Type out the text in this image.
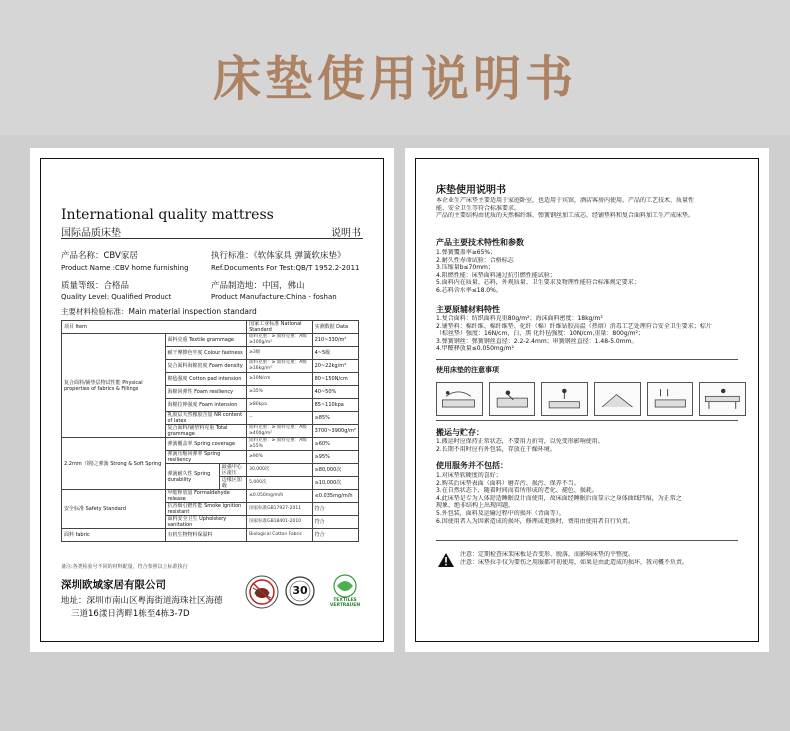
床垫使用说明书
International quality mattress
国际品质床垫	说明书
产品名称：CBV家居
Product Name :CBV home furnishing
执行标准：《软体家具 弹簧软床垫》
Ref.Documents For Test:QB/T 1952.2-2011
质量等级：合格品
Quality Level: Qualified Product
产品制造地：中国，佛山
Product Manufacture:China - foshan
主要材料检验标准：Main material inspection standard
项目 Item			国家工业标准 National Standard	实测数据 Data
复合面料/铺垫层物试性能 Physical properties of fabrics & Fillings	面料克重 Textile grammage		面料克重：≥ 面料克重：A级≥100g/m²	210~330/m²
	耐干摩擦色牢度 Colour fastness		≥3级	4~5级
	复合面料海棉密度 Foam density		面料克重：≥ 面料克重：A级≥16kg/m³	20~22kg/m³
	棉毡强度 Cotton pad intension		≥10N/cm	80~150N/cm
	海棉回弹性 Foam resiliency		≥35%	40~50%
	海棉拉伸强度 Foam intension		≥80kpa	85~110kpa
	乳胶层天然橡胶含量 NR content of latex		--	≥85%
	复合面料/铺垫料克重 Total grammage		面料克重：≥ 面料克重：A级≥400g/m²	3700~3900g/m²
2.2mm（钢)之弹簧 Strong & Soft Spring	弹簧覆盖率 Spring coverage		面料克重：≥ 面料克重：A级≥55%	≥60%
	弹簧压缩回弹率 Spring resiliency		≥90%	≥95%
	弹簧耐久性 Spring durability	最强中心区滚压	30,000次	≥80,000次
		边缘区加载	5,000次	≥10,000次
安全标准 Safety Standard	甲醛释放量 Formaldehyde release		≤0.050mg/m/h	≤0.035mg/m/h
	抗香烟引燃性能 Smoke ignition resistant		国家标准GB17927-2011	符合
	面料安全卫生 Upholstery sanitation		国家标准GB18401-2010	符合
面料 fabric	有机生物物料保温料		Biological Cotton Fabric	符合
备注:各类检验号不同的材料配量，符合参照以上标准执行
深圳欧域家居有限公司
地址：深圳市南山区粤海街道海珠社区海德
三道16漾日湾畔1栋至4栋3-7D
30
TEXTILES VERTRAUEN
床垫使用说明书
本企业生产床垫主要适用于家庭卧室，也适用于宾馆，酒店客房内使用。产品的工艺技术、质量性
能、安全卫生等符合标准要求。
产品的主要结构由优质的天然棉纤维、弹簧钢丝加工成芯，经铺垫料和复合面料加工生产成床垫。
产品主要技术特性和参数
1.弹簧覆盖率≥65%；
2.耐久性寿命试验：合格标志
3.压缩量b≤70mm；
4.阻燃性能：床垫面料通过抗引燃性能试验；
5.面料内在质量、芯料，外观质量、卫生要求及物理性能符合标准规定要求；
6.芯料含水率≤18.0%。
主要原辅材料特性
1.复合面料：纺织面料克重80g/m²；海沫面料密度：18kg/m³
2.铺垫料：棉纤维、棉纤维垫、化纤（棉）纤维钻胶高温（热熔）消毒工艺处理符合安全卫生要求；棕片
（棕丝垫）强度：16N/cm，白、黑 化纤毡强度：10N/cm,重量：800g/m²；
3.弹簧钢丝：弹簧钢丝直径：2.2-2.4mm；串簧钢丝直径：1.48-5.0mm。
4.甲醛释放量≤0.050mg/m²
使用床垫的注意事项
搬运与贮存：
1.搬运时应保持正常状态，不要用力折弯，以免变形影响使用。
2.长期不用时应有外包装，存放在干燥环境。
使用服务并不包括：
1.对床垫软硬度的喜好；
2.购买后床垫表面（面料）磨弄污、损污、保养不当。
3.在自然状态下，随着时间而看所形成的老化、褪色、损耗。
4.此床垫是专为人体舒适睡眠设计而使用，故床面经睡眠后而显示之身体曲线凹痕，为正常之
现象，绝非结构上出现问题。
5.外包装，面料及运输过程中的损坏（背面等）。
6.因使用者人为因素造成的损坏，修理或更换时，费用由使用者自行负责。
注意：定期检查床架床板是否变形、脱落，而影响床垫的平整度。
注意：床垫拉手仅为要伤之用服都可初使用，如果是由此造成的损坏，我司概不负责。
